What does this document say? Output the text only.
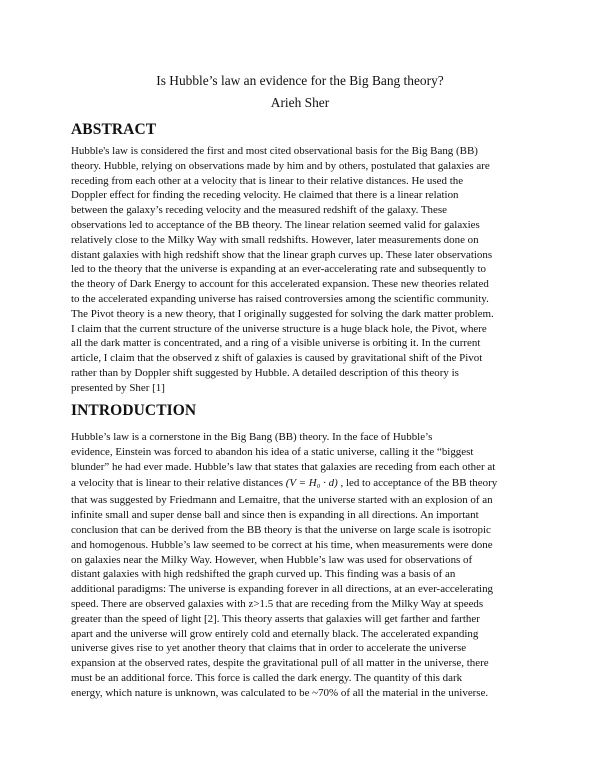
Is Hubble’s law an evidence for the Big Bang theory?
Arieh Sher
ABSTRACT
Hubble's law is considered the first and most cited observational basis for the Big Bang (BB)
theory. Hubble, relying on observations made by him and by others, postulated that galaxies are
receding from each other at a velocity that is linear to their relative distances. He used the
Doppler effect for finding the receding velocity. He claimed that there is a linear relation
between the galaxy’s receding velocity and the measured redshift of the galaxy. These
observations led to acceptance of the BB theory. The linear relation seemed valid for galaxies
relatively close to the Milky Way with small redshifts. However, later measurements done on
distant galaxies with high redshift show that the linear graph curves up. These later observations
led to the theory that the universe is expanding at an ever-accelerating rate and subsequently to
the theory of Dark Energy to account for this accelerated expansion. These new theories related
to the accelerated expanding universe has raised controversies among the scientific community.
The Pivot theory is a new theory, that I originally suggested for solving the dark matter problem.
I claim that the current structure of the universe structure is a huge black hole, the Pivot, where
all the dark matter is concentrated, and a ring of a visible universe is orbiting it. In the current
article, I claim that the observed z shift of galaxies is caused by gravitational shift of the Pivot
rather than by Doppler shift suggested by Hubble. A detailed description of this theory is
presented by Sher [1]
INTRODUCTION
Hubble’s law is a cornerstone in the Big Bang (BB) theory. In the face of Hubble’s
evidence, Einstein was forced to abandon his idea of a static universe, calling it the “biggest
blunder” he had ever made. Hubble’s law that states that galaxies are receding from each other at
a velocity that is linear to their relative distances (V = H₀ · d) , led to acceptance of the BB theory
that was suggested by Friedmann and Lemaitre, that the universe started with an explosion of an
infinite small and super dense ball and since then is expanding in all directions. An important
conclusion that can be derived from the BB theory is that the universe on large scale is isotropic
and homogenous. Hubble’s law seemed to be correct at his time, when measurements were done
on galaxies near the Milky Way. However, when Hubble’s law was used for observations of
distant galaxies with high redshifted the graph curved up. This finding was a basis of an
additional paradigms: The universe is expanding forever in all directions, at an ever-accelerating
speed. There are observed galaxies with z>1.5 that are receding from the Milky Way at speeds
greater than the speed of light [2]. This theory asserts that galaxies will get farther and farther
apart and the universe will grow entirely cold and eternally black. The accelerated expanding
universe gives rise to yet another theory that claims that in order to accelerate the universe
expansion at the observed rates, despite the gravitational pull of all matter in the universe, there
must be an additional force. This force is called the dark energy. The quantity of this dark
energy, which nature is unknown, was calculated to be ~70% of all the material in the universe.
